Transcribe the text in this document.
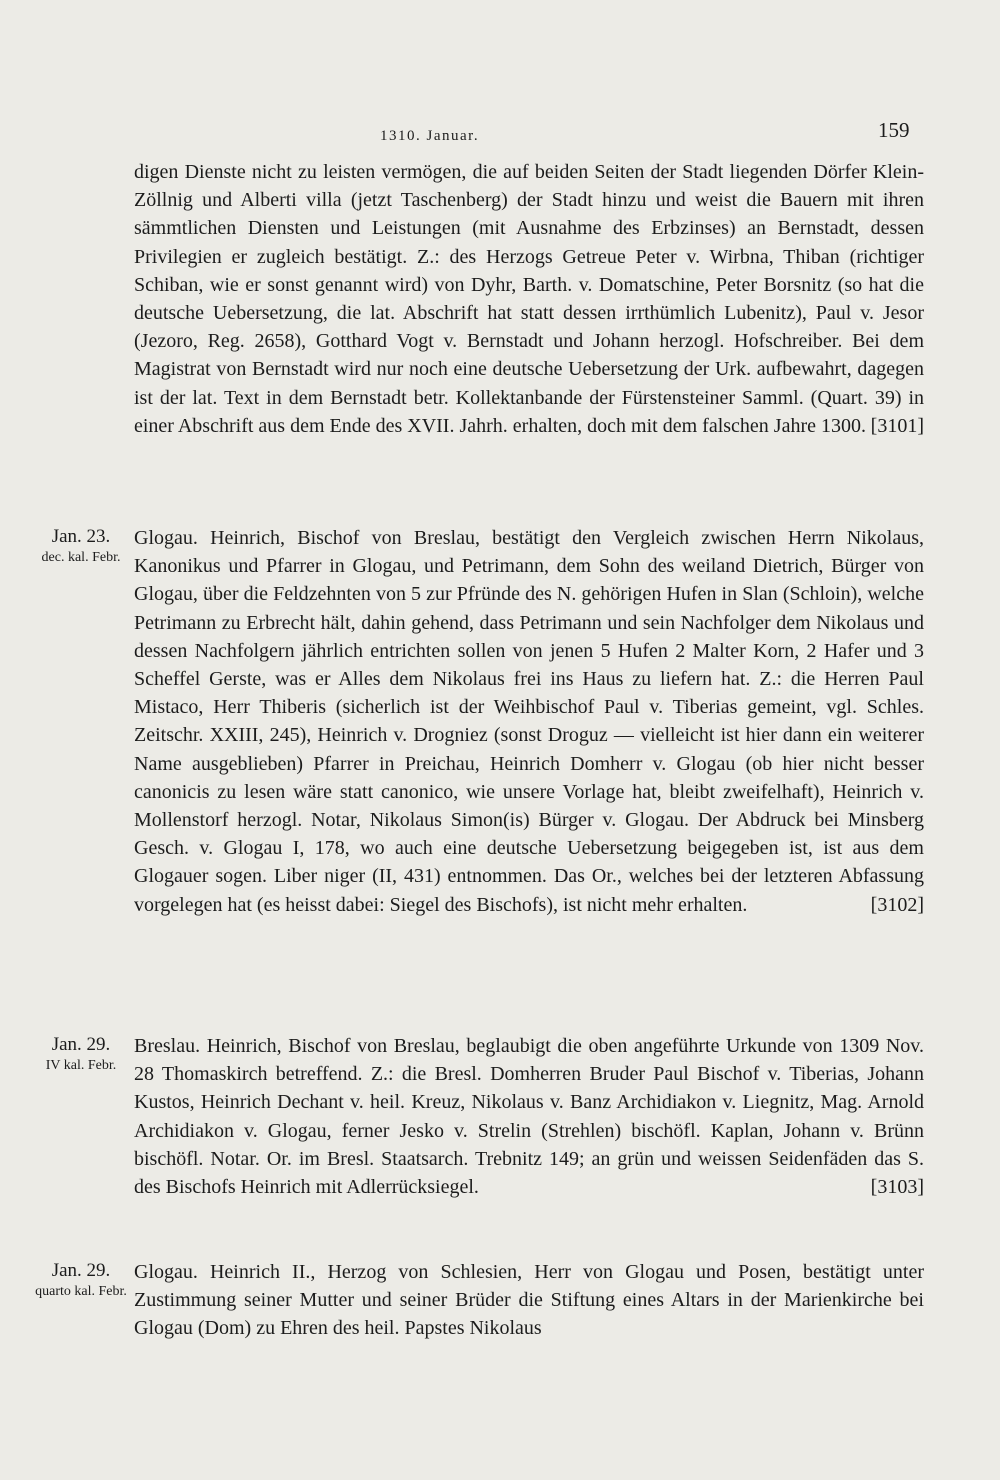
1310. Januar.	159
digen Dienste nicht zu leisten vermögen, die auf beiden Seiten der Stadt liegenden Dörfer Klein-Zöllnig und Alberti villa (jetzt Taschenberg) der Stadt hinzu und weist die Bauern mit ihren sämmtlichen Diensten und Leistungen (mit Ausnahme des Erbzinses) an Bernstadt, dessen Privilegien er zugleich bestätigt. Z.: des Herzogs Getreue Peter v. Wirbna, Thiban (richtiger Schiban, wie er sonst genannt wird) von Dyhr, Barth. v. Domatschine, Peter Borsnitz (so hat die deutsche Uebersetzung, die lat. Abschrift hat statt dessen irrthümlich Lubenitz), Paul v. Jesor (Jezoro, Reg. 2658), Gotthard Vogt v. Bernstadt und Johann herzogl. Hofschreiber. Bei dem Magistrat von Bernstadt wird nur noch eine deutsche Uebersetzung der Urk. aufbewahrt, dagegen ist der lat. Text in dem Bernstadt betr. Kollektanbande der Fürstensteiner Samml. (Quart. 39) in einer Abschrift aus dem Ende des XVII. Jahrh. erhalten, doch mit dem falschen Jahre 1300. [3101]
Jan. 23.
dec. kal. Febr.
Glogau. Heinrich, Bischof von Breslau, bestätigt den Vergleich zwischen Herrn Nikolaus, Kanonikus und Pfarrer in Glogau, und Petrimann, dem Sohn des weiland Dietrich, Bürger von Glogau, über die Feldzehnten von 5 zur Pfründe des N. gehörigen Hufen in Slan (Schloin), welche Petrimann zu Erbrecht hält, dahin gehend, dass Petrimann und sein Nachfolger dem Nikolaus und dessen Nachfolgern jährlich entrichten sollen von jenen 5 Hufen 2 Malter Korn, 2 Hafer und 3 Scheffel Gerste, was er Alles dem Nikolaus frei ins Haus zu liefern hat. Z.: die Herren Paul Mistaco, Herr Thiberis (sicherlich ist der Weihbischof Paul v. Tiberias gemeint, vgl. Schles. Zeitschr. XXIII, 245), Heinrich v. Drogniez (sonst Droguz — vielleicht ist hier dann ein weiterer Name ausgeblieben) Pfarrer in Preichau, Heinrich Domherr v. Glogau (ob hier nicht besser canonicis zu lesen wäre statt canonico, wie unsere Vorlage hat, bleibt zweifelhaft), Heinrich v. Mollenstorf herzogl. Notar, Nikolaus Simon(is) Bürger v. Glogau. Der Abdruck bei Minsberg Gesch. v. Glogau I, 178, wo auch eine deutsche Uebersetzung beigegeben ist, ist aus dem Glogauer sogen. Liber niger (II, 431) entnommen. Das Or., welches bei der letzteren Abfassung vorgelegen hat (es heisst dabei: Siegel des Bischofs), ist nicht mehr erhalten.	[3102]
Jan. 29.
IV kal. Febr.
Breslau. Heinrich, Bischof von Breslau, beglaubigt die oben angeführte Urkunde von 1309 Nov. 28 Thomaskirch betreffend. Z.: die Bresl. Domherren Bruder Paul Bischof v. Tiberias, Johann Kustos, Heinrich Dechant v. heil. Kreuz, Nikolaus v. Banz Archidiakon v. Liegnitz, Mag. Arnold Archidiakon v. Glogau, ferner Jesko v. Strelin (Strehlen) bischöfl. Kaplan, Johann v. Brünn bischöfl. Notar. Or. im Bresl. Staatsarch. Trebnitz 149; an grün und weissen Seidenfäden das S. des Bischofs Heinrich mit Adlerrücksiegel.	[3103]
Jan. 29.
quarto kal. Febr.
Glogau. Heinrich II., Herzog von Schlesien, Herr von Glogau und Posen, bestätigt unter Zustimmung seiner Mutter und seiner Brüder die Stiftung eines Altars in der Marienkirche bei Glogau (Dom) zu Ehren des heil. Papstes Nikolaus
